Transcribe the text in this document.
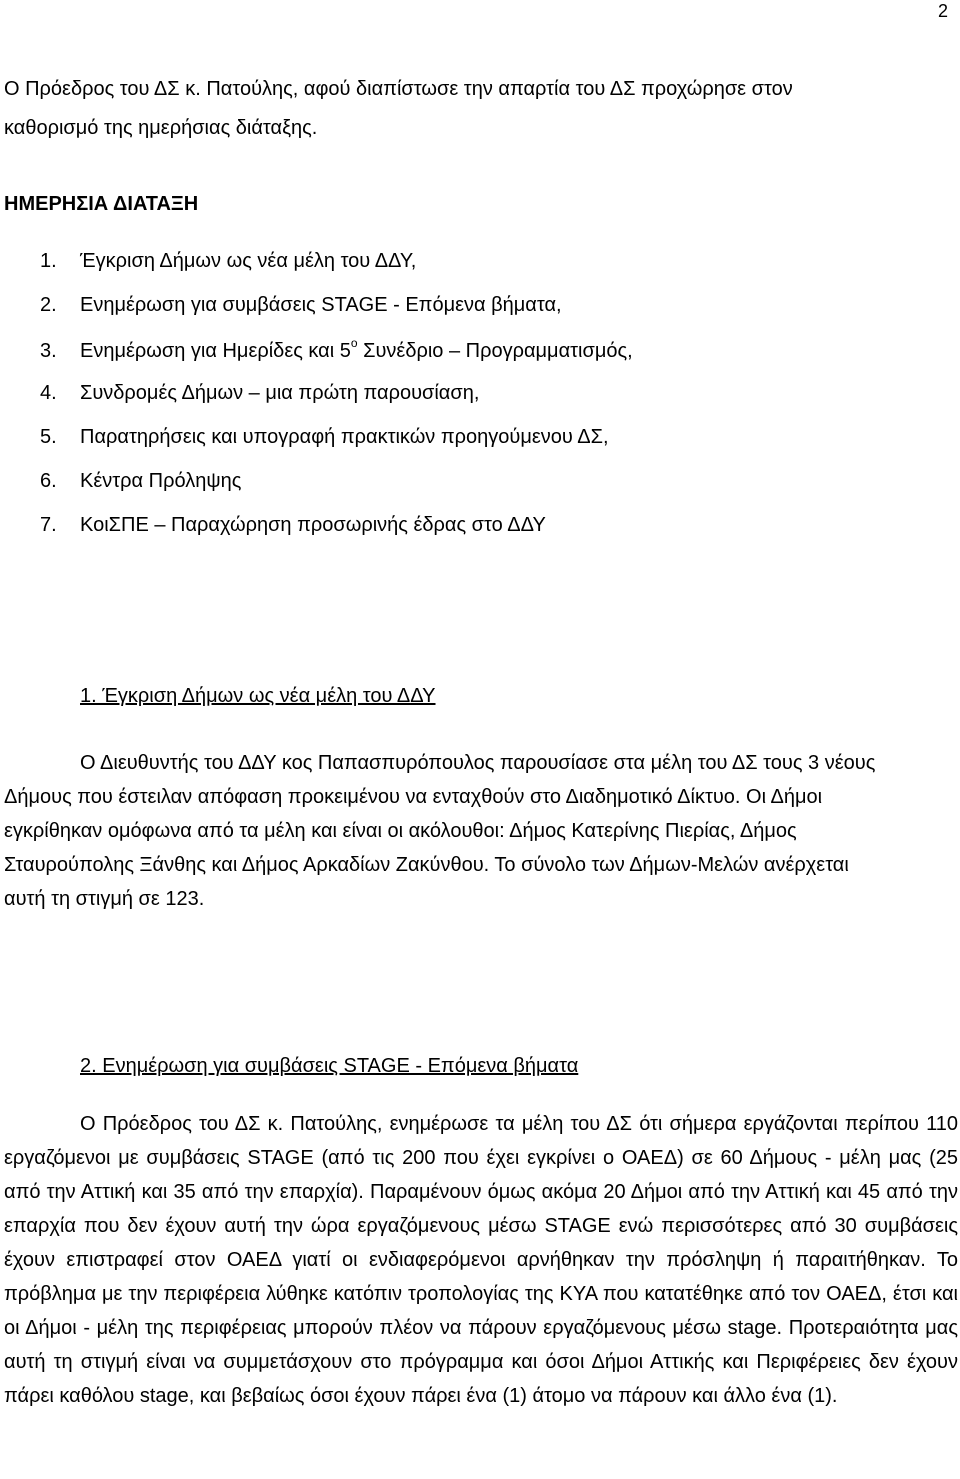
2
Ο Πρόεδρος του ΔΣ κ. Πατούλης, αφού διαπίστωσε την απαρτία του ΔΣ προχώρησε στον
καθορισμό της ημερήσιας διάταξης.
ΗΜΕΡΗΣΙΑ ΔΙΑΤΑΞΗ
1. Έγκριση Δήμων ως νέα μέλη του ΔΔΥ,
2. Ενημέρωση για συμβάσεις STAGE - Επόμενα βήματα,
3. Ενημέρωση για Ημερίδες και $5^o$ Συνέδριο – Προγραμματισμός,
4. Συνδρομές Δήμων – μια πρώτη παρουσίαση,
5. Παρατηρήσεις και υπογραφή πρακτικών προηγούμενου ΔΣ,
6. Κέντρα Πρόληψης
7. ΚοιΣΠΕ – Παραχώρηση προσωρινής έδρας στο ΔΔΥ
1. Έγκριση Δήμων ως νέα μέλη του ΔΔΥ
Ο Διευθυντής του ΔΔΥ κος Παπασπυρόπουλος παρουσίασε στα μέλη του ΔΣ τους 3 νέους Δήμους που έστειλαν απόφαση προκειμένου να ενταχθούν στο Διαδημοτικό Δίκτυο. Οι Δήμοι εγκρίθηκαν ομόφωνα από τα μέλη και είναι οι ακόλουθοι: Δήμος Κατερίνης Πιερίας, Δήμος Σταυρούπολης Ξάνθης και Δήμος Αρκαδίων Ζακύνθου. Το σύνολο των Δήμων-Μελών ανέρχεται αυτή τη στιγμή σε 123.
2. Ενημέρωση για συμβάσεις STAGE - Επόμενα βήματα
Ο Πρόεδρος του ΔΣ κ. Πατούλης, ενημέρωσε τα μέλη του ΔΣ ότι σήμερα εργάζονται περίπου 110 εργαζόμενοι με συμβάσεις STAGE (από τις 200 που έχει εγκρίνει ο ΟΑΕΔ) σε 60 Δήμους - μέλη μας (25 από την Αττική και 35 από την επαρχία). Παραμένουν όμως ακόμα 20 Δήμοι από την Αττική και 45 από την επαρχία που δεν έχουν αυτή την ώρα εργαζόμενους μέσω STAGE ενώ περισσότερες από 30 συμβάσεις έχουν επιστραφεί στον ΟΑΕΔ γιατί οι ενδιαφερόμενοι αρνήθηκαν την πρόσληψη ή παραιτήθηκαν. Το πρόβλημα με την περιφέρεια λύθηκε κατόπιν τροπολογίας της ΚΥΑ που κατατέθηκε από τον ΟΑΕΔ, έτσι και οι Δήμοι - μέλη της περιφέρειας μπορούν πλέον να πάρουν εργαζόμενους μέσω stage. Προτεραιότητα μας αυτή τη στιγμή είναι να συμμετάσχουν στο πρόγραμμα και όσοι Δήμοι Αττικής και Περιφέρειες δεν έχουν πάρει καθόλου stage, και βεβαίως όσοι έχουν πάρει ένα (1) άτομο να πάρουν και άλλο ένα (1).
